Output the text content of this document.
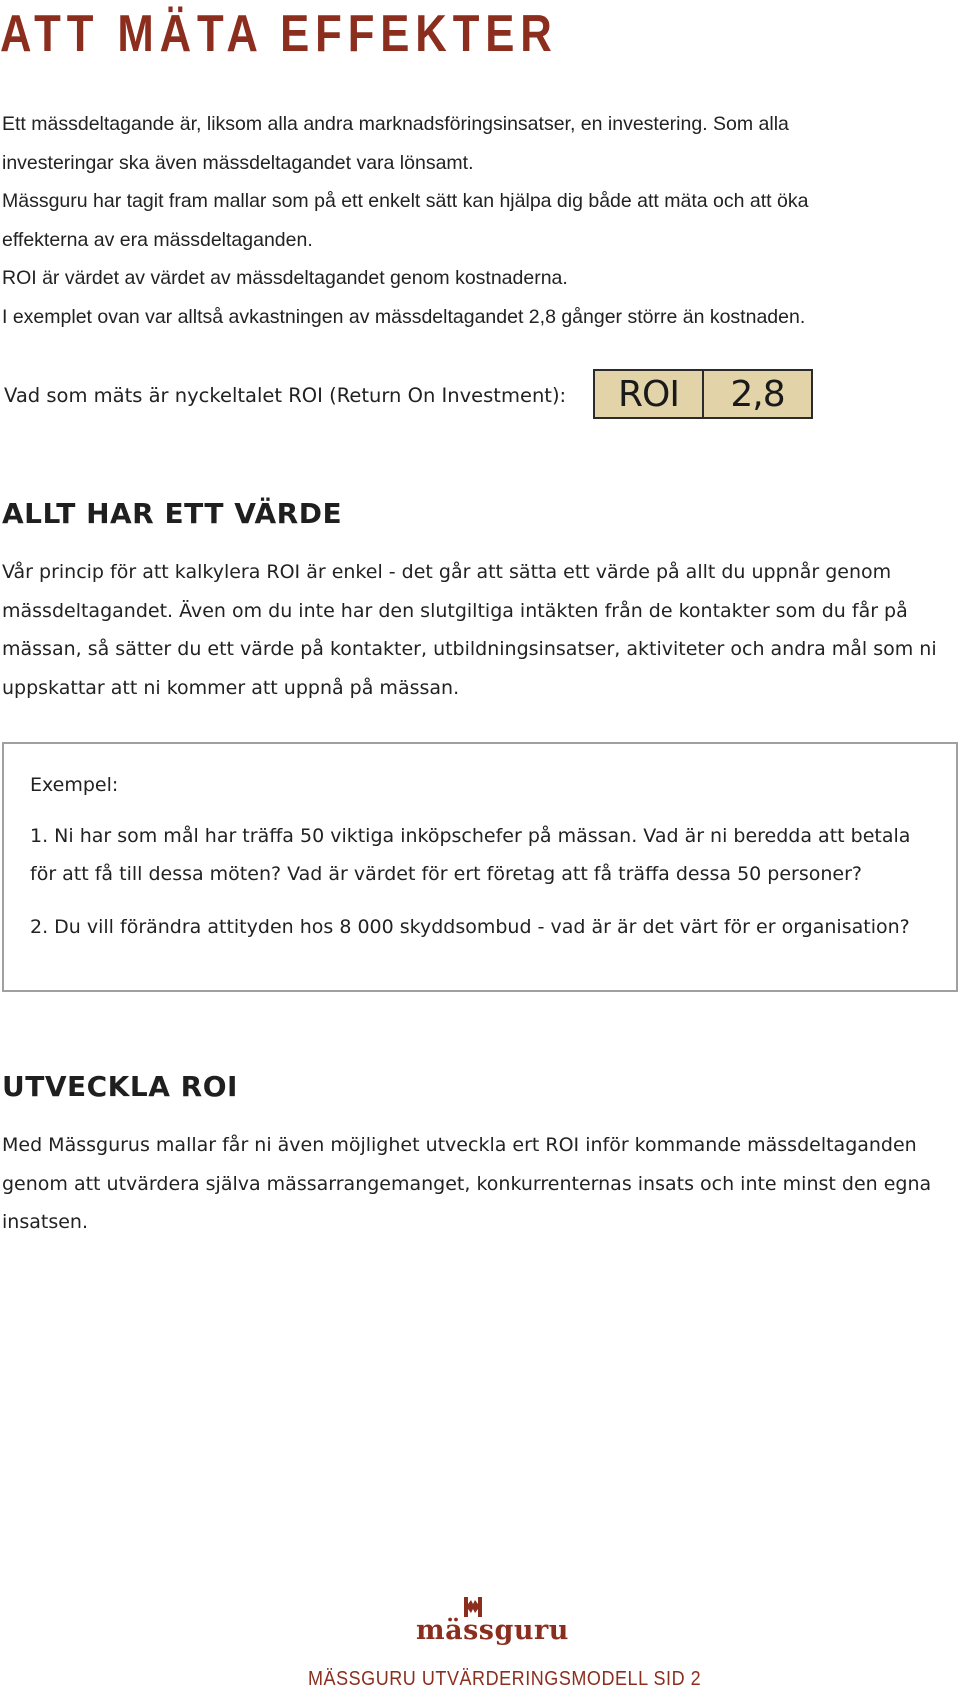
ATT MÄTA EFFEKTER

Ett mässdeltagande är, liksom alla andra marknadsföringsinsatser, en investering. Som alla

investeringar ska även mässdeltagandet vara lönsamt.

Mässguru har tagit fram mallar som på ett enkelt sätt kan hjälpa dig både att mäta och att öka

effekterna av era mässdeltaganden.

ROI är värdet av värdet av mässdeltagandet genom kostnaderna.

I exemplet ovan var alltså avkastningen av mässdeltagandet 2,8 gånger större än kostnaden.

Vad som mäts är nyckeltalet ROI (Return On Investment):	ROI	2,8
ALLT HAR ETT VÄRDE

Vår princip för att kalkylera ROI är enkel - det går att sätta ett värde på allt du uppnår genom mässdeltagandet. Även om du inte har den slutgiltiga intäkten från de kontakter som du får på mässan, så sätter du ett värde på kontakter, utbildningsinsatser, aktiviteter och andra mål som ni uppskattar att ni kommer att uppnå på mässan.

Exempel:

1. Ni har som mål har träffa 50 viktiga inköpschefer på mässan. Vad är ni beredda att betala för att få till dessa möten? Vad är värdet för ert företag att få träffa dessa 50 personer?

2. Du vill förändra attityden hos 8 000 skyddsombud - vad är är det värt för er organisation?

UTVECKLA ROI

Med Mässgurus mallar får ni även möjlighet utveckla ert ROI inför kommande mässdeltaganden genom att utvärdera själva mässarrangemanget, konkurrenternas insats och inte minst den egna insatsen.

mässguru
MÄSSGURU UTVÄRDERINGSMODELL SID 2
